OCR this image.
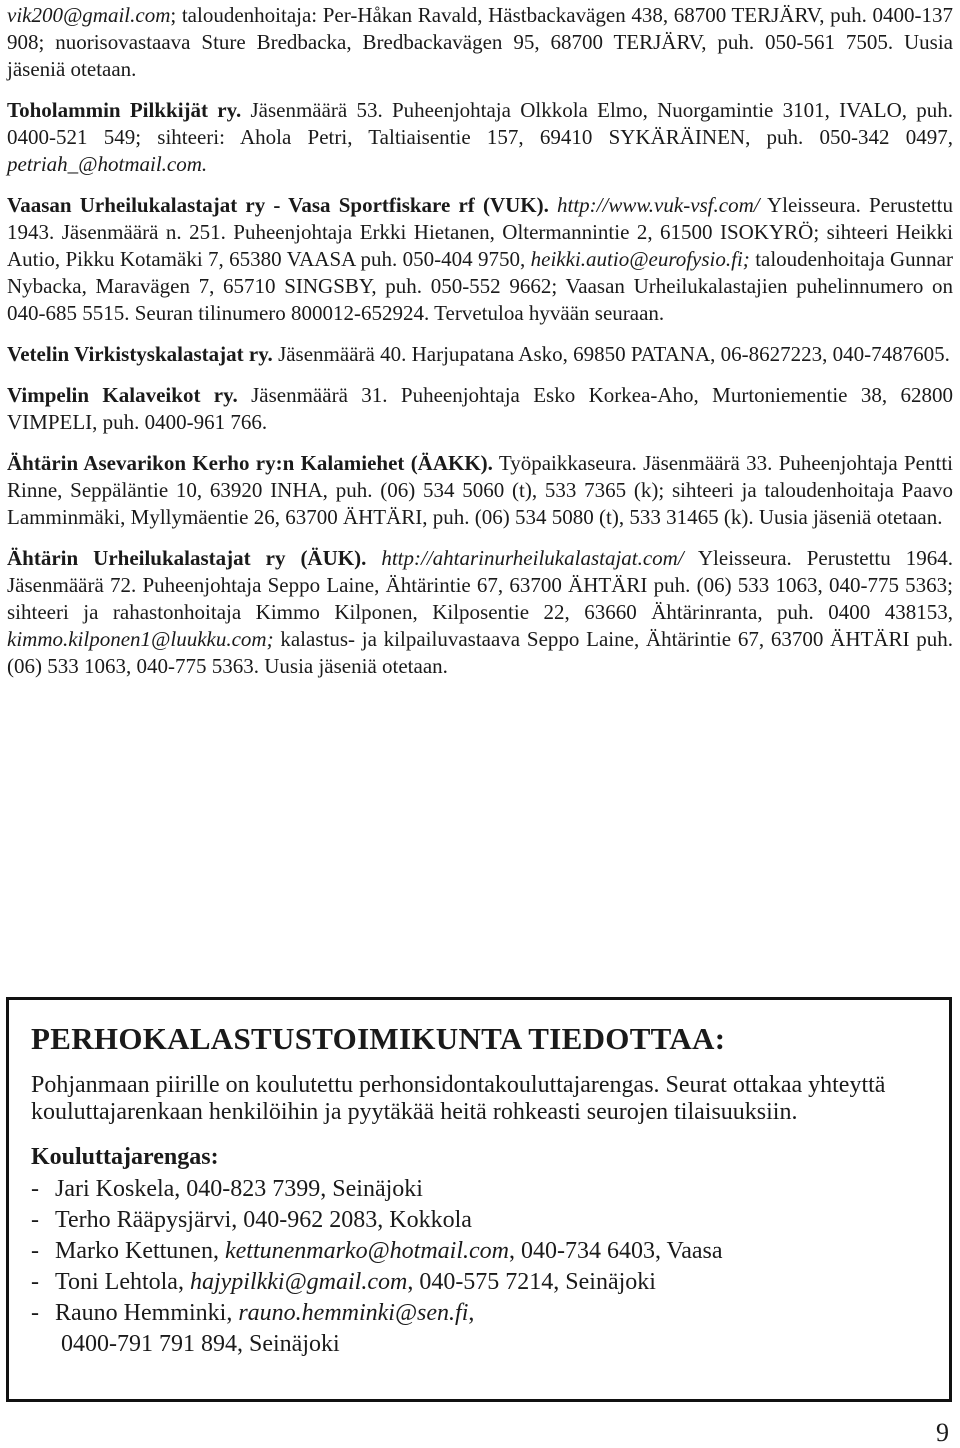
vik200@gmail.com; taloudenhoitaja: Per-Håkan Ravald, Hästbackavägen 438, 68700 TERJÄRV, puh. 0400-137 908; nuorisovastaava Sture Bredbacka, Bredbackavägen 95, 68700 TERJÄRV, puh. 050-561 7505. Uusia jäseniä otetaan.

Toholammin Pilkkijät ry. Jäsenmäärä 53. Puheenjohtaja Olkkola Elmo, Nuorgamintie 3101, IVALO, puh. 0400-521 549; sihteeri: Ahola Petri, Taltiaisentie 157, 69410 SYKÄRÄINEN, puh. 050-342 0497, petriah_@hotmail.com.

Vaasan Urheilukalastajat ry - Vasa Sportfiskare rf (VUK). http://www.vuk-vsf.com/ Yleisseura. Perustettu 1943. Jäsenmäärä n. 251. Puheenjohtaja Erkki Hietanen, Oltermannintie 2, 61500 ISOKYRÖ; sihteeri Heikki Autio, Pikku Kotamäki 7, 65380 VAASA puh. 050-404 9750, heikki.autio@eurofysio.fi; taloudenhoitaja Gunnar Nybacka, Maravägen 7, 65710 SINGSBY, puh. 050-552 9662; Vaasan Urheilukalastajien puhelinnumero on 040-685 5515. Seuran tilinumero 800012-652924. Tervetuloa hyvään seuraan.

Vetelin Virkistyskalastajat ry. Jäsenmäärä 40. Harjupatana Asko, 69850 PATANA, 06-8627223, 040-7487605.

Vimpelin Kalaveikot ry. Jäsenmäärä 31. Puheenjohtaja Esko Korkea-Aho, Murtoniementie 38, 62800 VIMPELI, puh. 0400-961 766.

Ähtärin Asevarikon Kerho ry:n Kalamiehet (ÄAKK). Työpaikkaseura. Jäsenmäärä 33. Puheenjohtaja Pentti Rinne, Seppäläntie 10, 63920 INHA, puh. (06) 534 5060 (t), 533 7365 (k); sihteeri ja taloudenhoitaja Paavo Lamminmäki, Myllymäentie 26, 63700 ÄHTÄRI, puh. (06) 534 5080 (t), 533 31465 (k). Uusia jäseniä otetaan.

Ähtärin Urheilukalastajat ry (ÄUK). http://ahtarinurheilukalastajat.com/ Yleisseura. Perustettu 1964. Jäsenmäärä 72. Puheenjohtaja Seppo Laine, Ähtärintie 67, 63700 ÄHTÄRI puh. (06) 533 1063, 040-775 5363; sihteeri ja rahastonhoitaja Kimmo Kilponen, Kilposentie 22, 63660 Ähtärinranta, puh. 0400 438153, kimmo.kilponen1@luukku.com; kalastus- ja kilpailuvastaava Seppo Laine, Ähtärintie 67, 63700 ÄHTÄRI puh. (06) 533 1063, 040-775 5363. Uusia jäseniä otetaan.

PERHOKALASTUSTOIMIKUNTA TIEDOTTAA:
Pohjanmaan piirille on koulutettu perhonsidontakouluttajarengas. Seurat ottakaa yhteyttä kouluttajarenkaan henkilöihin ja pyytäkää heitä rohkeasti seurojen tilaisuuksiin.
Kouluttajarengas:
- Jari Koskela, 040-823 7399, Seinäjoki
- Terho Rääpysjärvi, 040-962 2083, Kokkola
- Marko Kettunen, kettunenmarko@hotmail.com, 040-734 6403, Vaasa
- Toni Lehtola, hajypilkki@gmail.com, 040-575 7214, Seinäjoki
- Rauno Hemminki, rauno.hemminki@sen.fi,
0400-791 791 894, Seinäjoki
9
